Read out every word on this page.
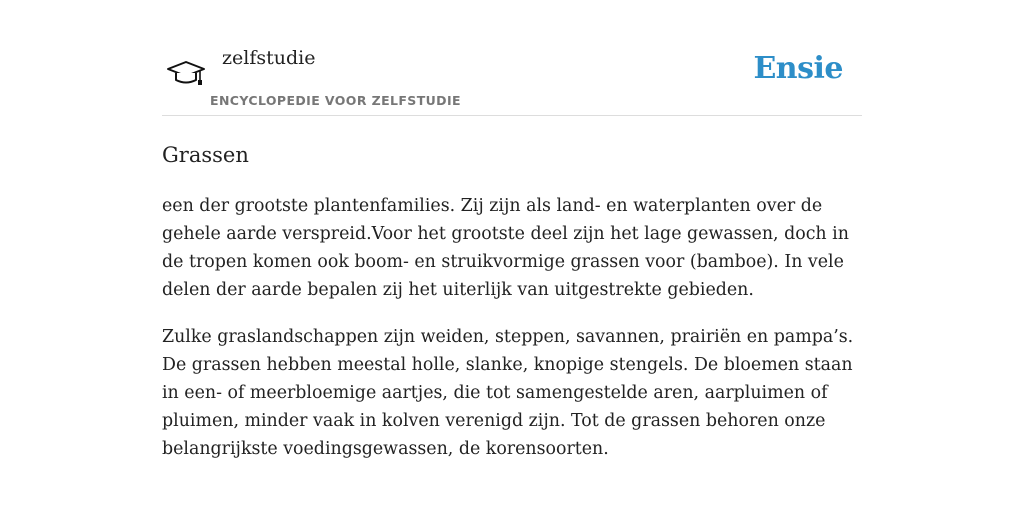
zelfstudie
ENCYCLOPEDIE VOOR ZELFSTUDIE
Ensie
Grassen

een der grootste plantenfamilies. Zij zijn als land- en waterplanten over de gehele aarde verspreid.Voor het grootste deel zijn het lage gewassen, doch in de tropen komen ook boom- en struikvormige grassen voor (bamboe). In vele delen der aarde bepalen zij het uiterlijk van uitgestrekte gebieden.

Zulke graslandschappen zijn weiden, steppen, savannen, prairiën en pampa’s. De grassen hebben meestal holle, slanke, knopige stengels. De bloemen staan in een- of meerbloemige aartjes, die tot samengestelde aren, aarpluimen of pluimen, minder vaak in kolven verenigd zijn. Tot de grassen behoren onze belangrijkste voedingsgewassen, de korensoorten.
